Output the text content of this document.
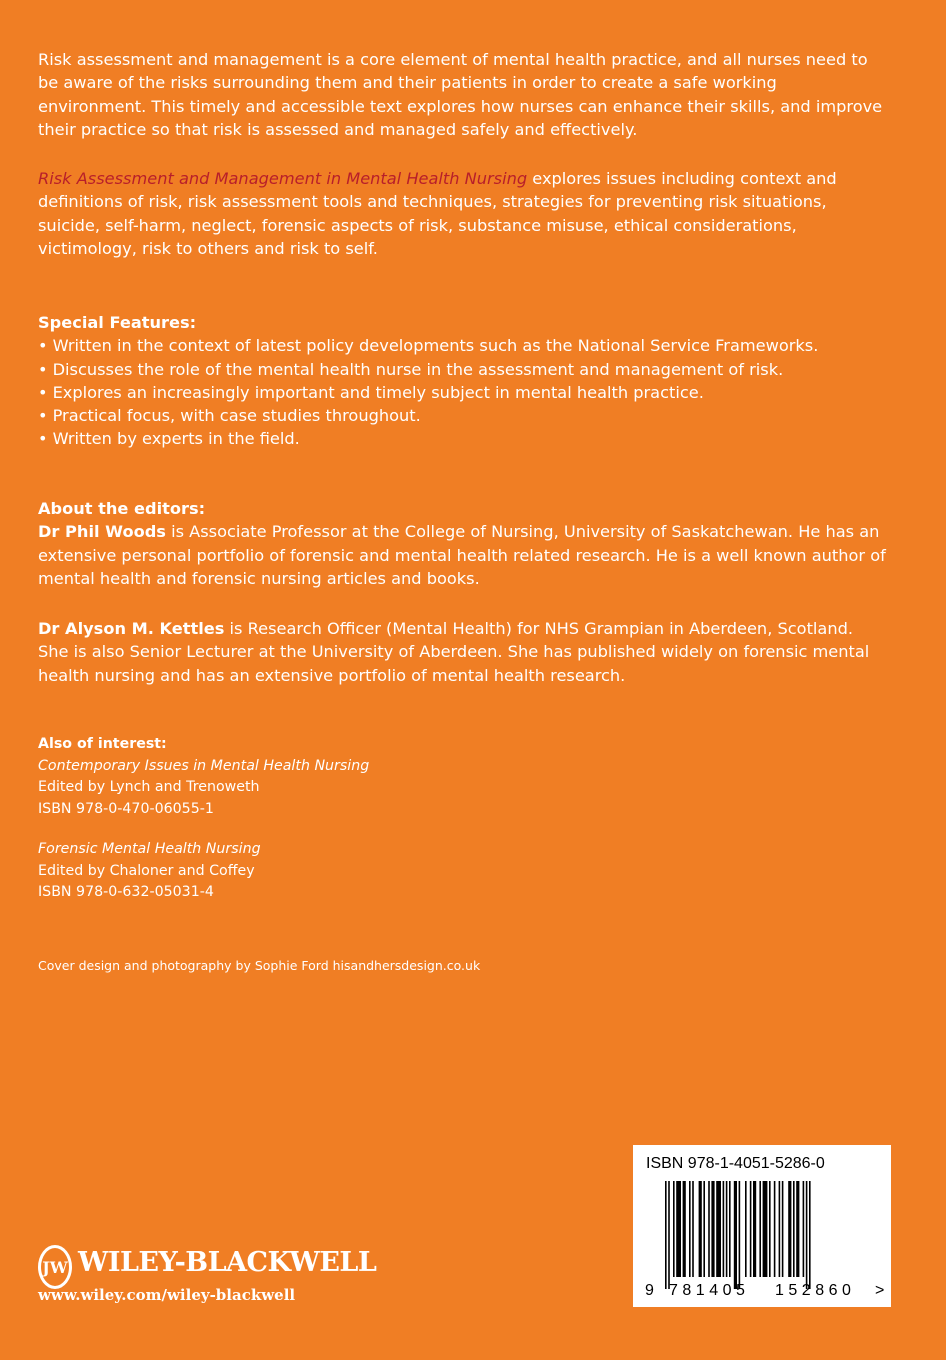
Risk assessment and management is a core element of mental health practice, and all nurses need to be aware of the risks surrounding them and their patients in order to create a safe working environment. This timely and accessible text explores how nurses can enhance their skills, and improve their practice so that risk is assessed and managed safely and effectively.

Risk Assessment and Management in Mental Health Nursing explores issues including context and definitions of risk, risk assessment tools and techniques, strategies for preventing risk situations, suicide, self-harm, neglect, forensic aspects of risk, substance misuse, ethical considerations, victimology, risk to others and risk to self.

Special Features:

• Written in the context of latest policy developments such as the National Service Frameworks.
• Discusses the role of the mental health nurse in the assessment and management of risk.
• Explores an increasingly important and timely subject in mental health practice.
• Practical focus, with case studies throughout.
• Written by experts in the field.

About the editors:

Dr Phil Woods is Associate Professor at the College of Nursing, University of Saskatchewan. He has an extensive personal portfolio of forensic and mental health related research. He is a well known author of mental health and forensic nursing articles and books.

Dr Alyson M. Kettles is Research Officer (Mental Health) for NHS Grampian in Aberdeen, Scotland. She is also Senior Lecturer at the University of Aberdeen. She has published widely on forensic mental health nursing and has an extensive portfolio of mental health research.

Also of interest:

Contemporary Issues in Mental Health Nursing

Edited by Lynch and Trenoweth

ISBN 978-0-470-06055-1

Forensic Mental Health Nursing

Edited by Chaloner and Coffey

ISBN 978-0-632-05031-4

Cover design and photography by Sophie Ford hisandhersdesign.co.uk

JW WILEY-BLACKWELL
www.wiley.com/wiley-blackwell
ISBN 978-1-4051-5286-0
9 781405	152860	>
